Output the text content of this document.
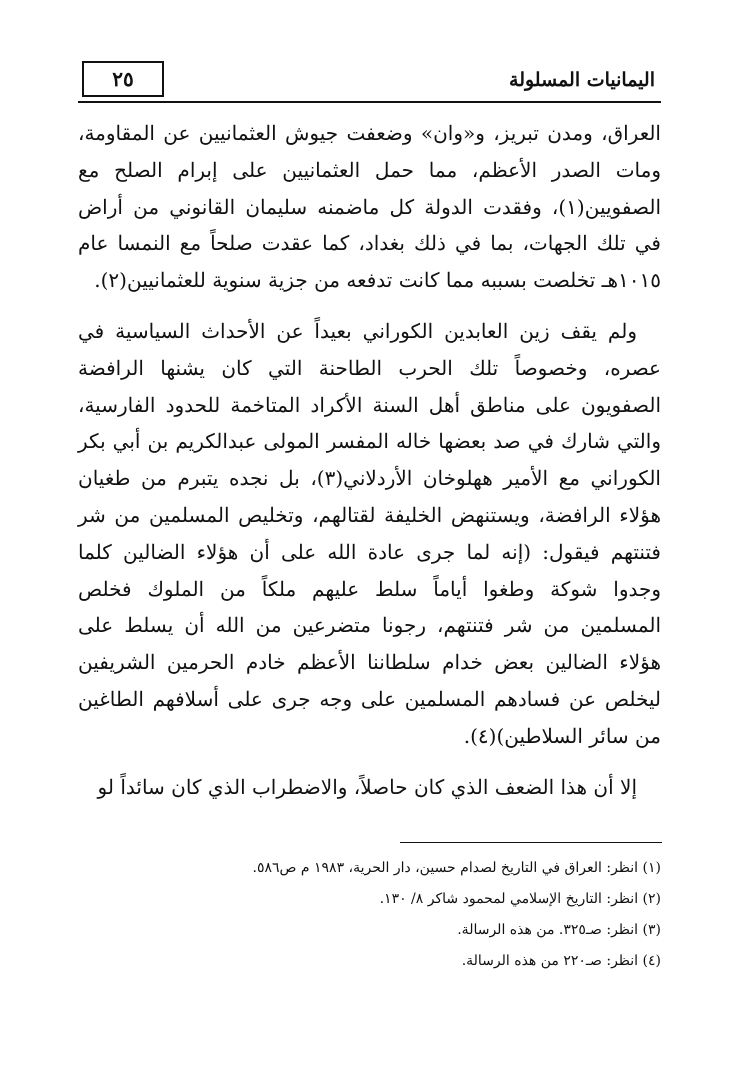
اليمانيات المسلولة
٢٥

العراق، ومدن تبريز، و«وان» وضعفت جيوش العثمانيين عن المقاومة، ومات الصدر الأعظم، مما حمل العثمانيين على إبرام الصلح مع الصفويين(١)، وفقدت الدولة كل ماضمنه سليمان القانوني من أراض في تلك الجهات، بما في ذلك بغداد، كما عقدت صلحاً مع النمسا عام ١٠١٥هـ تخلصت بسببه مما كانت تدفعه من جزية سنوية للعثمانيين(٢).

ولم يقف زين العابدين الكوراني بعيداً عن الأحداث السياسية في عصره، وخصوصاً تلك الحرب الطاحنة التي كان يشنها الرافضة الصفويون على مناطق أهل السنة الأكراد المتاخمة للحدود الفارسية، والتي شارك في صد بعضها خاله المفسر المولى عبدالكريم بن أبي بكر الكوراني مع الأمير ههلوخان الأردلاني(٣)، بل نجده يتبرم من طغيان هؤلاء الرافضة، ويستنهض الخليفة لقتالهم، وتخليص المسلمين من شر فتنتهم فيقول: (إنه لما جرى عادة الله على أن هؤلاء الضالين كلما وجدوا شوكة وطغوا أياماً سلط عليهم ملكاً من الملوك فخلص المسلمين من شر فتنتهم، رجونا متضرعين من الله أن يسلط على هؤلاء الضالين بعض خدام سلطاننا الأعظم خادم الحرمين الشريفين ليخلص عن فسادهم المسلمين على وجه جرى على أسلافهم الطاغين من سائر السلاطين)(٤).

إلا أن هذا الضعف الذي كان حاصلاً، والاضطراب الذي كان سائداً لو

(١) انظر: العراق في التاريخ لصدام حسين، دار الحرية، ١٩٨٣ م ص٥٨٦.
(٢) انظر: التاريخ الإسلامي لمحمود شاكر ٨/ ١٣٠.
(٣) انظر: صـ٣٢٥. من هذه الرسالة.
(٤) انظر: صـ٢٢٠ من هذه الرسالة.
